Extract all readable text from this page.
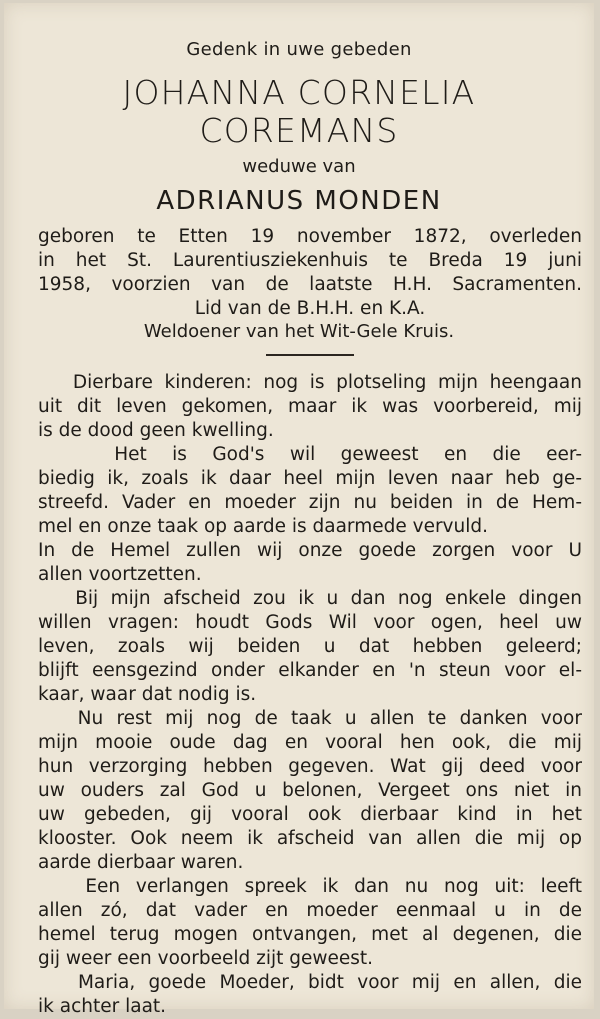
Gedenk in uwe gebeden
JOHANNA CORNELIA
COREMANS
weduwe van
ADRIANUS MONDEN
geboren te Etten 19 november 1872, overleden
in het St. Laurentiusziekenhuis te Breda 19 juni
1958, voorzien van de laatste H.H. Sacramenten.
Lid van de B.H.H. en K.A.
Weldoener van het Wit-Gele Kruis.
Dierbare kinderen: nog is plotseling mijn heengaan
uit dit leven gekomen, maar ik was voorbereid, mij
is de dood geen kwelling.
Het is God's wil geweest en die eer-
biedig ik, zoals ik daar heel mijn leven naar heb ge-
streefd. Vader en moeder zijn nu beiden in de Hem-
mel en onze taak op aarde is daarmede vervuld.
In de Hemel zullen wij onze goede zorgen voor U
allen voortzetten.
Bij mijn afscheid zou ik u dan nog enkele dingen
willen vragen: houdt Gods Wil voor ogen, heel uw
leven, zoals wij beiden u dat hebben geleerd;
blijft eensgezind onder elkander en 'n steun voor el-
kaar, waar dat nodig is.
Nu rest mij nog de taak u allen te danken voor
mijn mooie oude dag en vooral hen ook, die mij
hun verzorging hebben gegeven. Wat gij deed voor
uw ouders zal God u belonen, Vergeet ons niet in
uw gebeden, gij vooral ook dierbaar kind in het
klooster. Ook neem ik afscheid van allen die mij op
aarde dierbaar waren.
Een verlangen spreek ik dan nu nog uit: leeft
allen zó, dat vader en moeder eenmaal u in de
hemel terug mogen ontvangen, met al degenen, die
gij weer een voorbeeld zijt geweest.
Maria, goede Moeder, bidt voor mij en allen, die
ik achter laat.
